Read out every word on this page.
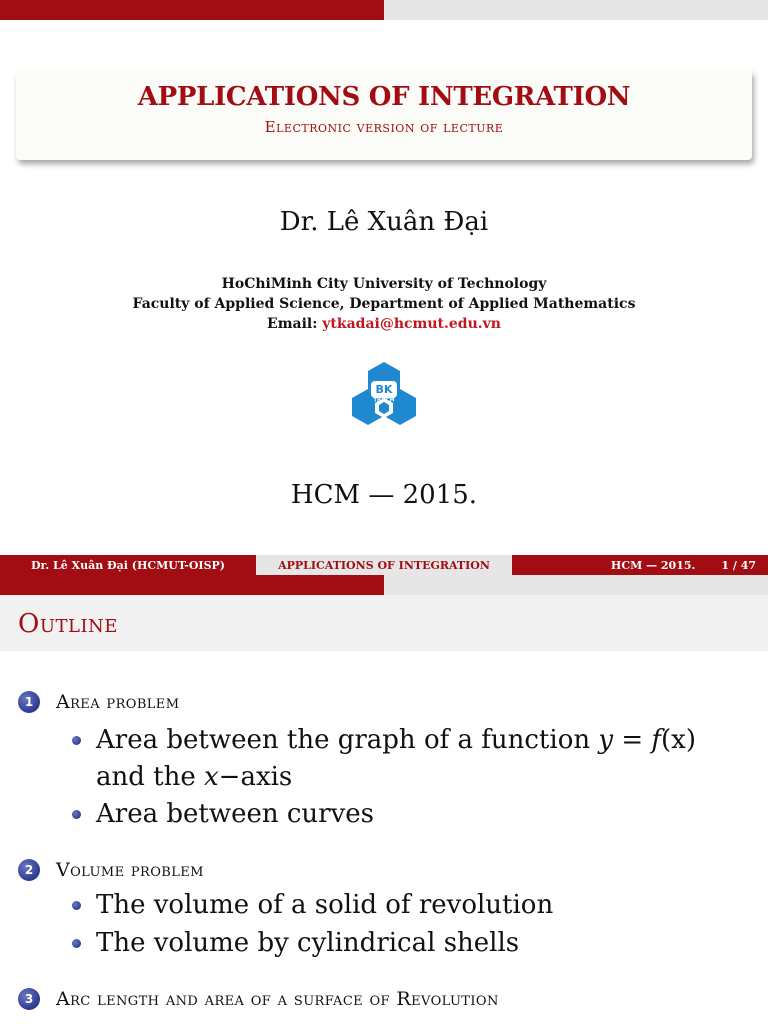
APPLICATIONS OF INTEGRATION
Electronic version of lecture
Dr. Lê Xuân Đại
HoChiMinh City University of Technology
Faculty of Applied Science, Department of Applied Mathematics
Email: ytkadai@hcmut.edu.vn
BK
TP.HCM
HCM — 2015.
Dr. Lê Xuân Đại (HCMUT-OISP)	APPLICATIONS OF INTEGRATION	HCM — 2015. 1 / 47
Outline
1	Area problem
Area between the graph of a function y = f(x)
and the x−axis
Area between curves
2	Volume problem
The volume of a solid of revolution
The volume by cylindrical shells
3	Arc length and area of a surface of Revolution
